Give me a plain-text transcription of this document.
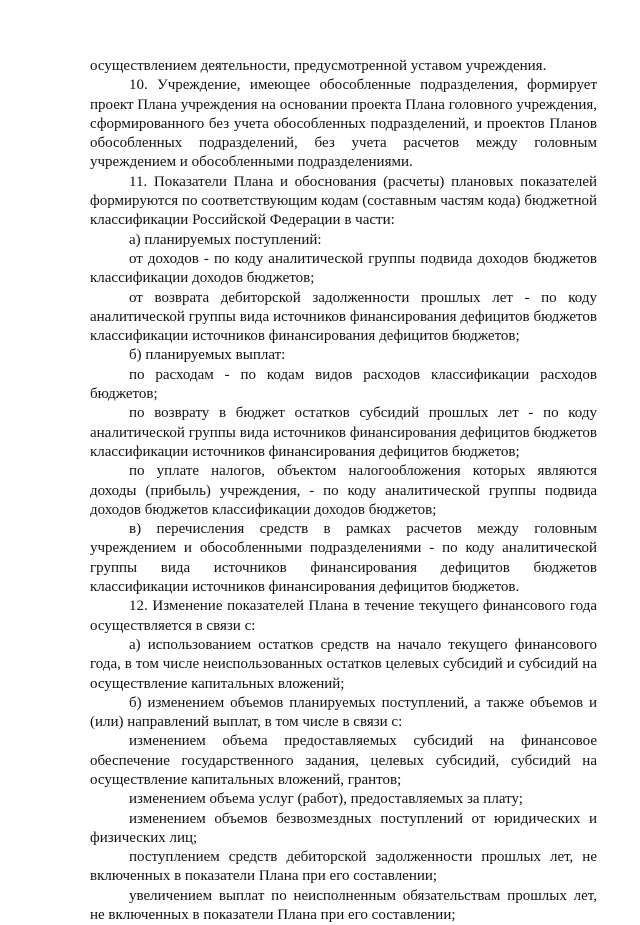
осуществлением деятельности, предусмотренной уставом учреждения.

10. Учреждение, имеющее обособленные подразделения, формирует проект Плана учреждения на основании проекта Плана головного учреждения, сформированного без учета обособленных подразделений, и проектов Планов обособленных подразделений, без учета расчетов между головным учреждением и обособленными подразделениями.

11. Показатели Плана и обоснования (расчеты) плановых показателей формируются по соответствующим кодам (составным частям кода) бюджетной классификации Российской Федерации в части:

а) планируемых поступлений:

от доходов - по коду аналитической группы подвида доходов бюджетов классификации доходов бюджетов;

от возврата дебиторской задолженности прошлых лет - по коду аналитической группы вида источников финансирования дефицитов бюджетов классификации источников финансирования дефицитов бюджетов;

б) планируемых выплат:

по расходам - по кодам видов расходов классификации расходов бюджетов;

по возврату в бюджет остатков субсидий прошлых лет - по коду аналитической группы вида источников финансирования дефицитов бюджетов классификации источников финансирования дефицитов бюджетов;

по уплате налогов, объектом налогообложения которых являются доходы (прибыль) учреждения, - по коду аналитической группы подвида доходов бюджетов классификации доходов бюджетов;

в) перечисления средств в рамках расчетов между головным учреждением и обособленными подразделениями - по коду аналитической группы вида источников финансирования дефицитов бюджетов классификации источников финансирования дефицитов бюджетов.

12. Изменение показателей Плана в течение текущего финансового года осуществляется в связи с:

а) использованием остатков средств на начало текущего финансового года, в том числе неиспользованных остатков целевых субсидий и субсидий на осуществление капитальных вложений;

б) изменением объемов планируемых поступлений, а также объемов и (или) направлений выплат, в том числе в связи с:

изменением объема предоставляемых субсидий на финансовое обеспечение государственного задания, целевых субсидий, субсидий на осуществление капитальных вложений, грантов;

изменением объема услуг (работ), предоставляемых за плату;

изменением объемов безвозмездных поступлений от юридических и физических лиц;

поступлением средств дебиторской задолженности прошлых лет, не включенных в показатели Плана при его составлении;

увеличением выплат по неисполненным обязательствам прошлых лет, не включенных в показатели Плана при его составлении;
